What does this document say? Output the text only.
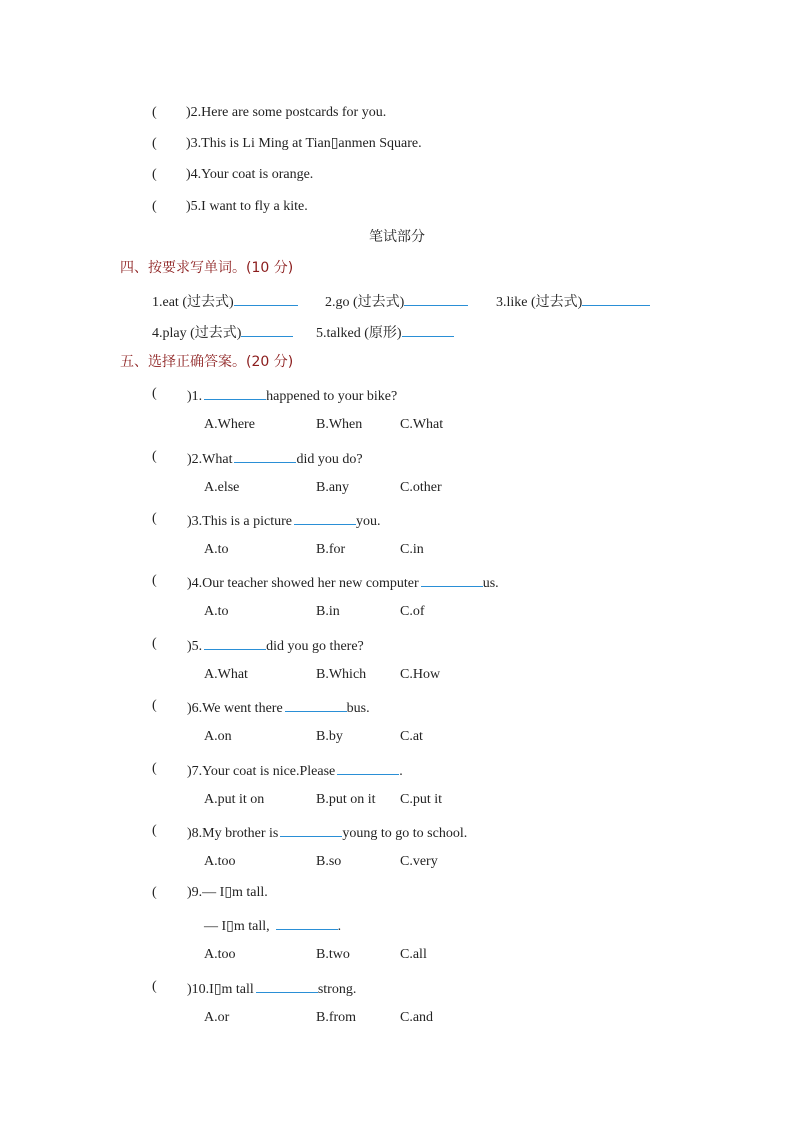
( )2.Here are some postcards for you.
( )3.This is Li Ming at Tian▯anmen Square.
( )4.Your coat is orange.
( )5.I want to fly a kite.
笔试部分
四、按要求写单词。(10 分)
1.eat (过去式)	2.go (过去式)	3.like (过去式)
4.play (过去式)	5.talked (原形)
五、选择正确答案。(20 分)
( )1.	happened to your bike?
A.Where	B.When	C.What
( )2.What	did you do?
A.else	B.any	C.other
( )3.This is a picture	you.
A.to	B.for	C.in
( )4.Our teacher showed her new computer	us.
A.to	B.in	C.of
( )5.	did you go there?
A.What	B.Which C.How
( )6.We went there	bus.
A.on	B.by	C.at
( )7.Your coat is nice.Please	.
A.put it on	B.put on it C.put it
( )8.My brother is	young to go to school.
A.too	B.so	C.very
( )9.— I▯m tall.
— I▯m tall,	.
A.too	B.two	C.all
( )10.I▯m tall	strong.
A.or	B.from	C.and
